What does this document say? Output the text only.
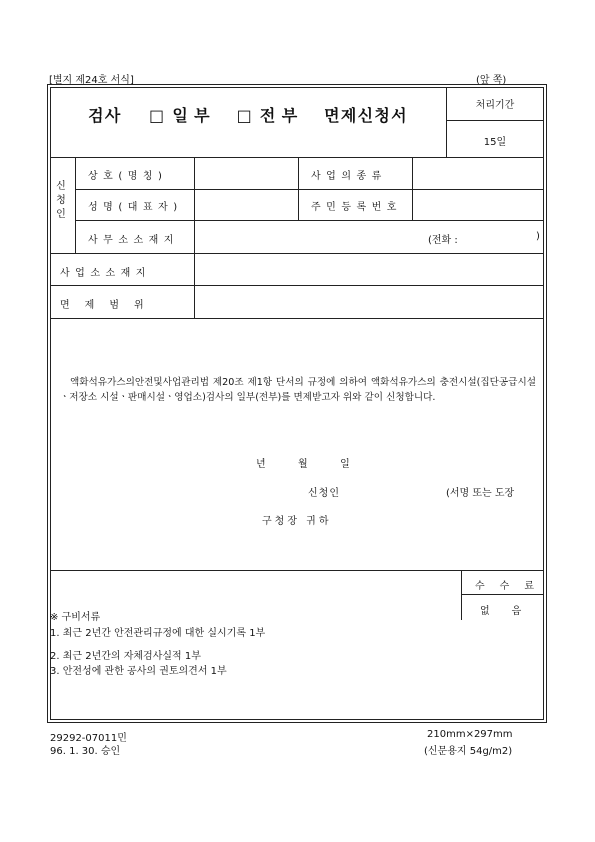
[별지 제24호 서식]	(앞 쪽)
검사 □ 일부 □ 전부 면제신청서
처리기간
15일
신청인
상호(명칭)	사업의종류
성명(대표자)	주민등록번호
사무소소재지	(전화 :	)
사업소소재지
면제범위
액화석유가스의안전및사업관리법 제20조 제1항 단서의 규정에 의하여 액화석유가스의 충전시설(집단공급시설ㆍ저장소 시설ㆍ판매시설ㆍ영업소)검사의 일부(전부)를 면제받고자 위와 같이 신청합니다.
년	월	일
신청인	(서명 또는 도장
구청장 귀하
수수료
없음
※ 구비서류
1. 최근 2년간 안전관리규정에 대한 실시기록 1부
2. 최근 2년간의 자체검사실적 1부
3. 안전성에 관한 공사의 권토의견서 1부
29292-07011민
96. 1. 30. 승인
210mm×297mm
(신문용지 54g/m2)
